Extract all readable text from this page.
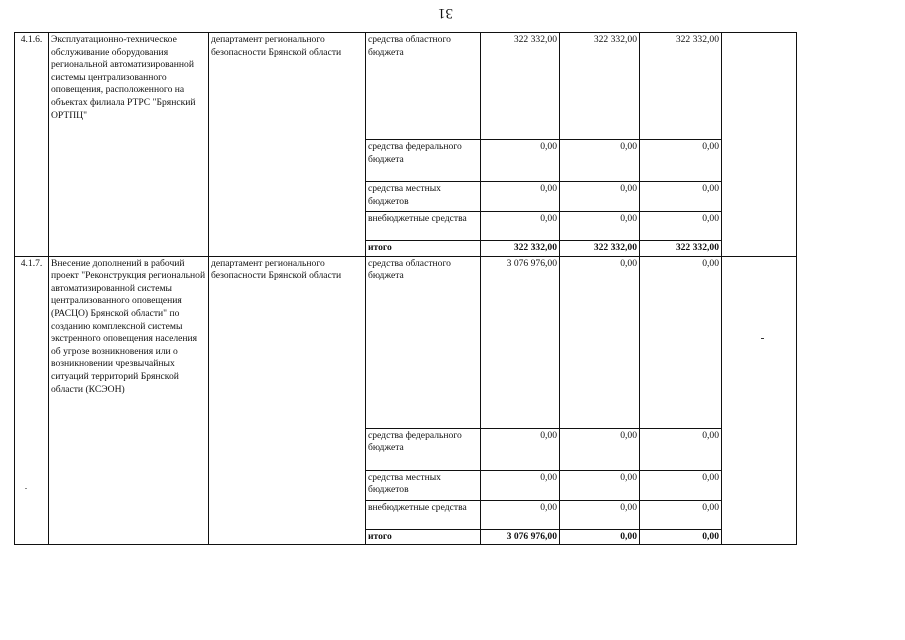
31
4.1.6.	Эксплуатационно-техническое обслуживание оборудования региональной автоматизированной системы централизованного оповещения, расположенного на объектах филиала РТРС "Брянский ОРТПЦ"	департамент регионального безопасности Брянской области	средства областного бюджета	322 332,00	322 332,00	322 332,00	
			средства федерального бюджета	0,00	0,00	0,00	
			средства местных бюджетов	0,00	0,00	0,00	
			внебюджетные средства	0,00	0,00	0,00	
			итого	322 332,00	322 332,00	322 332,00	
4.1.7.	Внесение дополнений в рабочий проект "Реконструкция региональной автоматизированной системы централизованного оповещения (РАСЦО) Брянской области" по созданию комплексной системы экстренного оповещения населения об угрозе возникновения или о возникновении чрезвычайных ситуаций территорий Брянской области (КСЭОН)	департамент регионального безопасности Брянской области	средства областного бюджета	3 076 976,00	0,00	0,00	
			средства федерального бюджета	0,00	0,00	0,00	
			средства местных бюджетов	0,00	0,00	0,00	
			внебюджетные средства	0,00	0,00	0,00	
			итого	3 076 976,00	0,00	0,00	
